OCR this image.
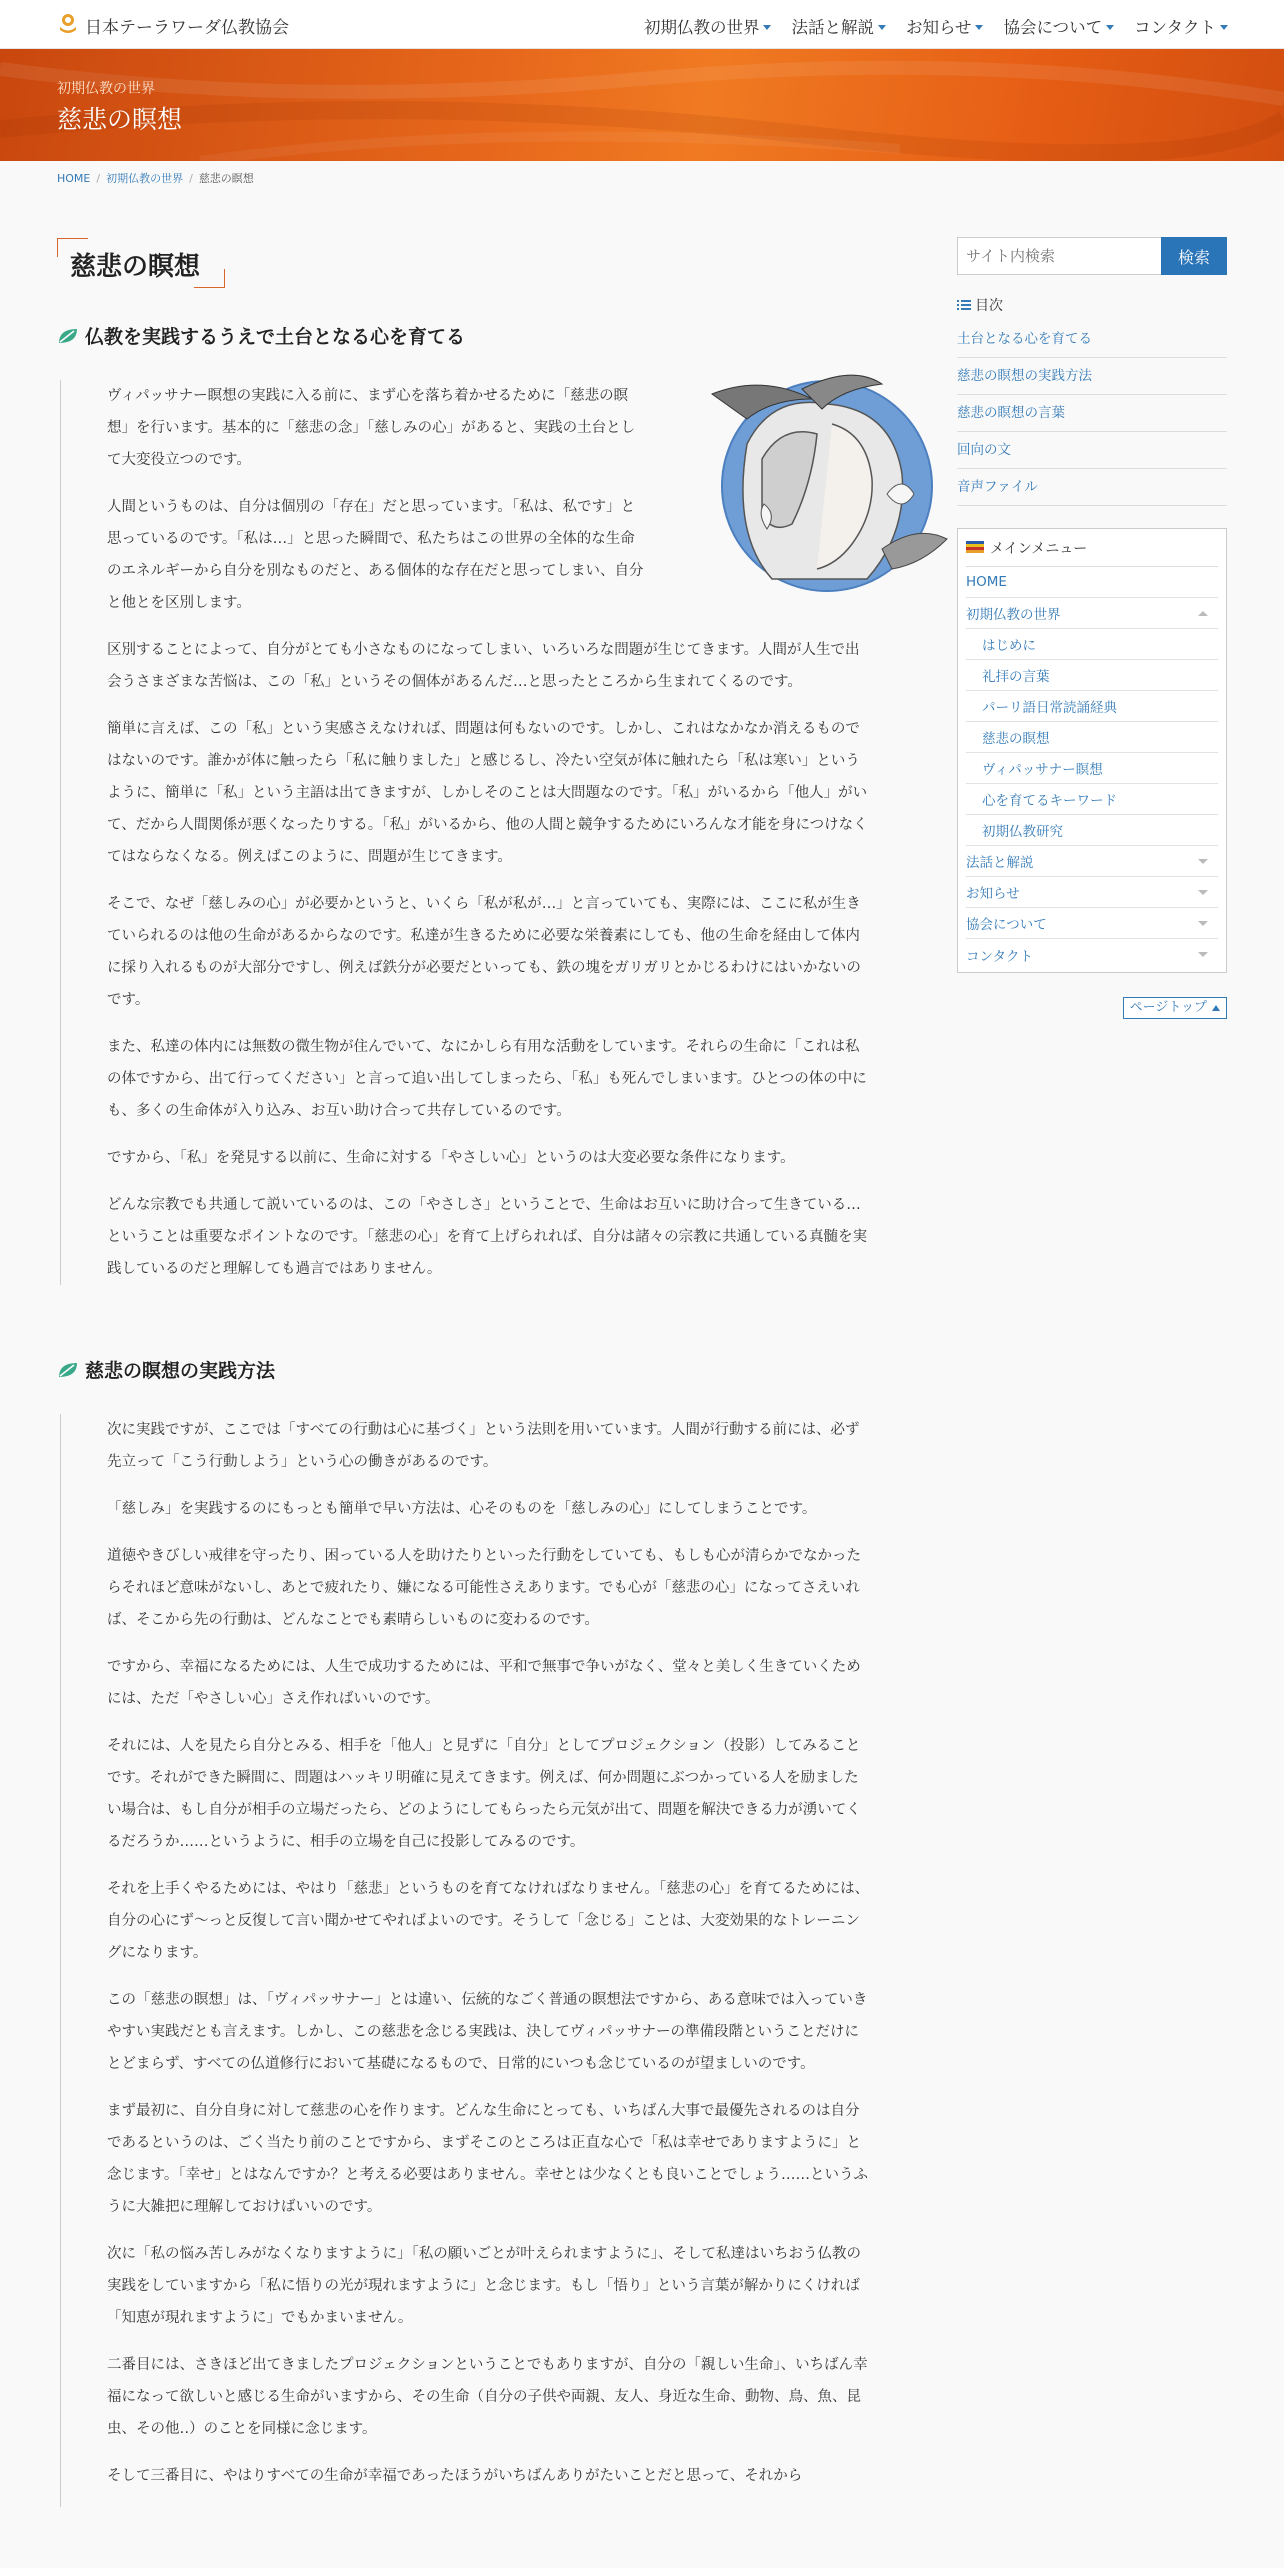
日本テーラワーダ仏教協会	初期仏教の世界 法話と解説 お知らせ 協会について コンタクト
初期仏教の世界
慈悲の瞑想
HOME / 初期仏教の世界 / 慈悲の瞑想
慈悲の瞑想
仏教を実践するうえで土台となる心を育てる

ヴィパッサナー瞑想の実践に入る前に、まず心を落ち着かせるために「慈悲の瞑想」を行います。基本的に「慈悲の念」「慈しみの心」があると、実践の土台として大変役立つのです。

人間というものは、自分は個別の「存在」だと思っています。「私は、私です」と思っているのです。「私は…」と思った瞬間で、私たちはこの世界の全体的な生命のエネルギーから自分を別なものだと、ある個体的な存在だと思ってしまい、自分と他とを区別します。

区別することによって、自分がとても小さなものになってしまい、いろいろな問題が生じてきます。人間が人生で出会うさまざまな苦悩は、この「私」というその個体があるんだ…と思ったところから生まれてくるのです。

簡単に言えば、この「私」という実感さえなければ、問題は何もないのです。しかし、これはなかなか消えるものではないのです。誰かが体に触ったら「私に触りました」と感じるし、冷たい空気が体に触れたら「私は寒い」というように、簡単に「私」という主語は出てきますが、しかしそのことは大問題なのです。「私」がいるから「他人」がいて、だから人間関係が悪くなったりする。「私」がいるから、他の人間と競争するためにいろんな才能を身につけなくてはならなくなる。例えばこのように、問題が生じてきます。

そこで、なぜ「慈しみの心」が必要かというと、いくら「私が私が…」と言っていても、実際には、ここに私が生きていられるのは他の生命があるからなのです。私達が生きるために必要な栄養素にしても、他の生命を経由して体内に採り入れるものが大部分ですし、例えば鉄分が必要だといっても、鉄の塊をガリガリとかじるわけにはいかないのです。

また、私達の体内には無数の微生物が住んでいて、なにかしら有用な活動をしています。それらの生命に「これは私の体ですから、出て行ってください」と言って追い出してしまったら、「私」も死んでしまいます。ひとつの体の中にも、多くの生命体が入り込み、お互い助け合って共存しているのです。

ですから、「私」を発見する以前に、生命に対する「やさしい心」というのは大変必要な条件になります。

どんな宗教でも共通して説いているのは、この「やさしさ」ということで、生命はお互いに助け合って生きている…ということは重要なポイントなのです。「慈悲の心」を育て上げられれば、自分は諸々の宗教に共通している真髄を実践しているのだと理解しても過言ではありません。

慈悲の瞑想の実践方法

次に実践ですが、ここでは「すべての行動は心に基づく」という法則を用いています。人間が行動する前には、必ず先立って「こう行動しよう」という心の働きがあるのです。

「慈しみ」を実践するのにもっとも簡単で早い方法は、心そのものを「慈しみの心」にしてしまうことです。

道徳やきびしい戒律を守ったり、困っている人を助けたりといった行動をしていても、もしも心が清らかでなかったらそれほど意味がないし、あとで疲れたり、嫌になる可能性さえあります。でも心が「慈悲の心」になってさえいれば、そこから先の行動は、どんなことでも素晴らしいものに変わるのです。

ですから、幸福になるためには、人生で成功するためには、平和で無事で争いがなく、堂々と美しく生きていくためには、ただ「やさしい心」さえ作ればいいのです。

それには、人を見たら自分とみる、相手を「他人」と見ずに「自分」としてプロジェクション（投影）してみることです。それができた瞬間に、問題はハッキリ明確に見えてきます。例えば、何か問題にぶつかっている人を励ましたい場合は、もし自分が相手の立場だったら、どのようにしてもらったら元気が出て、問題を解決できる力が湧いてくるだろうか……というように、相手の立場を自己に投影してみるのです。

それを上手くやるためには、やはり「慈悲」というものを育てなければなりません。「慈悲の心」を育てるためには、自分の心にず～っと反復して言い聞かせてやればよいのです。そうして「念じる」ことは、大変効果的なトレーニングになります。

この「慈悲の瞑想」は、「ヴィパッサナー」とは違い、伝統的なごく普通の瞑想法ですから、ある意味では入っていきやすい実践だとも言えます。しかし、この慈悲を念じる実践は、決してヴィパッサナーの準備段階ということだけにとどまらず、すべての仏道修行において基礎になるもので、日常的にいつも念じているのが望ましいのです。

まず最初に、自分自身に対して慈悲の心を作ります。どんな生命にとっても、いちばん大事で最優先されるのは自分であるというのは、ごく当たり前のことですから、まずそこのところは正直な心で「私は幸せでありますように」と念じます。「幸せ」とはなんですか？と考える必要はありません。幸せとは少なくとも良いことでしょう……というふうに大雑把に理解しておけばいいのです。

次に「私の悩み苦しみがなくなりますように」「私の願いごとが叶えられますように」、そして私達はいちおう仏教の実践をしていますから「私に悟りの光が現れますように」と念じます。もし「悟り」という言葉が解かりにくければ「知恵が現れますように」でもかまいません。

二番目には、さきほど出てきましたプロジェクションということでもありますが、自分の「親しい生命」、いちばん幸福になって欲しいと感じる生命がいますから、その生命（自分の子供や両親、友人、身近な生命、動物、鳥、魚、昆虫、その他‥）のことを同様に念じます。

そして三番目に、やはりすべての生命が幸福であったほうがいちばんありがたいことだと思って、それから

サイト内検索
検索
目次
土台となる心を育てる
慈悲の瞑想の実践方法
慈悲の瞑想の言葉
回向の文
音声ファイル
メインメニュー
HOME
初期仏教の世界
はじめに
礼拝の言葉
パーリ語日常読誦経典
慈悲の瞑想
ヴィパッサナー瞑想
心を育てるキーワード
初期仏教研究
法話と解説
お知らせ
協会について
コンタクト
ページトップ
